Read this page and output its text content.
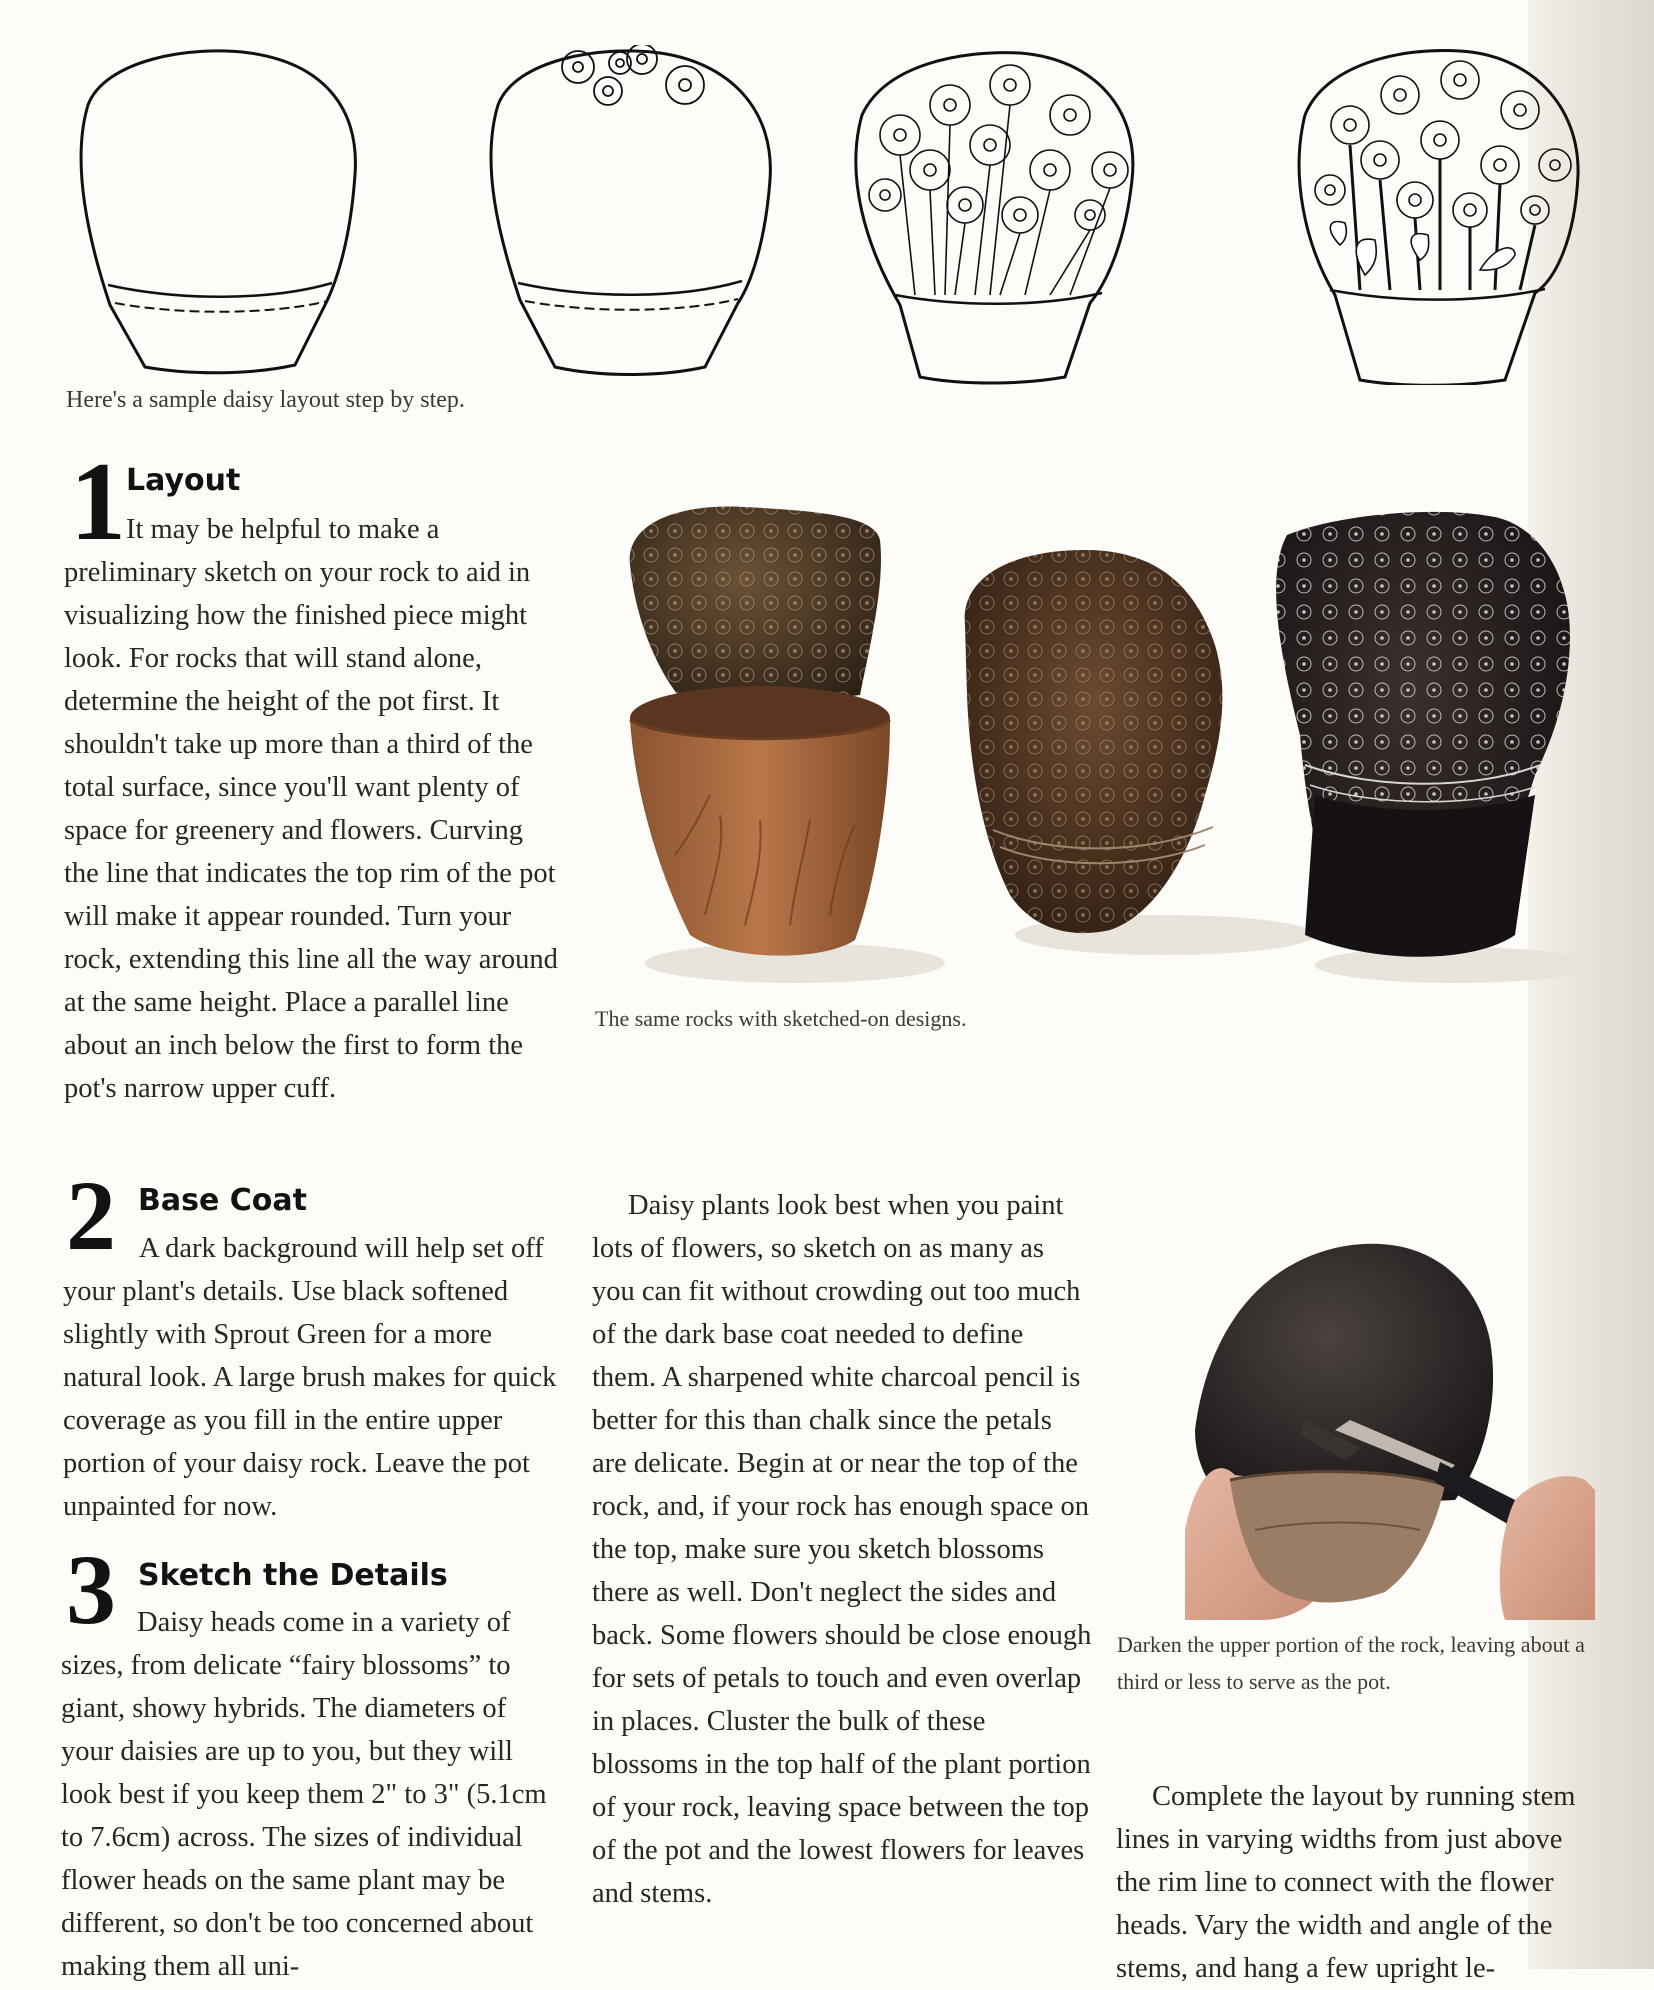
Here's a sample daisy layout step by step.

1 Layout

It may be helpful to make a preliminary sketch on your rock to aid in visualizing how the finished piece might look. For rocks that will stand alone, determine the height of the pot first. It shouldn't take up more than a third of the total surface, since you'll want plenty of space for greenery and flowers. Curving the line that indicates the top rim of the pot will make it appear rounded. Turn your rock, extending this line all the way around at the same height. Place a parallel line about an inch below the first to form the pot's narrow upper cuff.

The same rocks with sketched-on designs.

2 Base Coat

A dark background will help set off your plant's details. Use black softened slightly with Sprout Green for a more natural look. A large brush makes for quick coverage as you fill in the entire upper portion of your daisy rock. Leave the pot unpainted for now.

3 Sketch the Details

Daisy heads come in a variety of sizes, from delicate “fairy blossoms” to giant, showy hybrids. The diameters of your daisies are up to you, but they will look best if you keep them 2" to 3" (5.1cm to 7.6cm) across. The sizes of individual flower heads on the same plant may be different, so don't be too concerned about making them all uni-

Daisy plants look best when you paint lots of flowers, so sketch on as many as you can fit without crowding out too much of the dark base coat needed to define them. A sharpened white charcoal pencil is better for this than chalk since the petals are delicate. Begin at or near the top of the rock, and, if your rock has enough space on the top, make sure you sketch blossoms there as well. Don't neglect the sides and back. Some flowers should be close enough for sets of petals to touch and even overlap in places. Cluster the bulk of these blossoms in the top half of the plant portion of your rock, leaving space between the top of the pot and the lowest flowers for leaves and stems.

Darken the upper portion of the rock, leaving about a third or less to serve as the pot.

Complete the layout by running stem lines in varying widths from just above the rim line to connect with the flower heads. Vary the width and angle of the stems, and hang a few upright le-
